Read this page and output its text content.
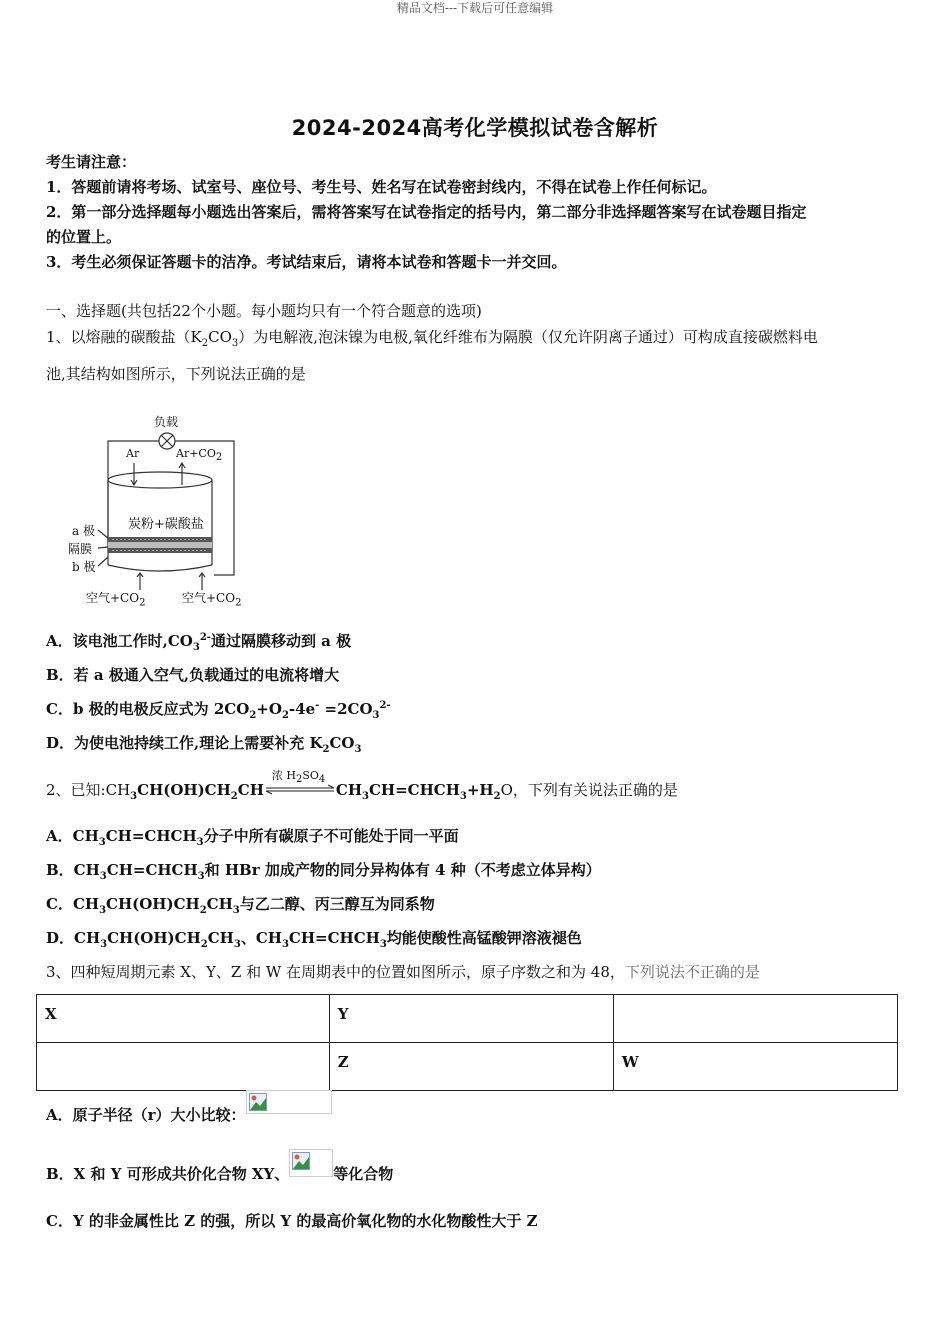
精品文档---下载后可任意编辑
2024-2024高考化学模拟试卷含解析
考生请注意：
1．答题前请将考场、试室号、座位号、考生号、姓名写在试卷密封线内，不得在试卷上作任何标记。
2．第一部分选择题每小题选出答案后，需将答案写在试卷指定的括号内，第二部分非选择题答案写在试卷题目指定
的位置上。
3．考生必须保证答题卡的洁净。考试结束后，请将本试卷和答题卡一并交回。
一、选择题(共包括22个小题。每小题均只有一个符合题意的选项)
1、以熔融的碳酸盐$(K_2CO_3)$为电解液,泡沫镍为电极,氧化纤维布为隔膜（仅允许阴离子通过）可构成直接碳燃料电
池,其结构如图所示，下列说法正确的是
负载
Ar	$Ar+CO_2$
炭粉+碳酸盐
a 极
隔膜
b 极
空气$+CO_2$	空气$+CO_2$
A．该电池工作时$,CO_3^{2-}$通过隔膜移动到 a 极
B．若 a 极通入空气,负载通过的电流将增大
C．b 极的电极反应式为 $2CO_2+O_2-4e^- =2CO_3^{2-}$
D．为使电池持续工作,理论上需要补充 $K_2CO_3$
2、已知$:CH_3CH(OH)CH_2CH$
浓 $H_2SO_4$
$CH_3CH=CHCH_3+H_2O$，下列有关说法正确的是
A．$CH_3CH=CHCH_3$分子中所有碳原子不可能处于同一平面
B．$CH_3CH=CHCH_3$和 HBr 加成产物的同分异构体有 4 种（不考虑立体异构）
C．$CH_3CH(OH)CH_2CH_3$与乙二醇、丙三醇互为同系物
D．$CH_3CH(OH)CH_2CH_3$、$CH_3CH=CHCH_3$均能使酸性高锰酸钾溶液褪色
3、四种短周期元素 X、Y、Z 和 W 在周期表中的位置如图所示，原子序数之和为 48，下列说法不正确的是
X	Y	
	Z	W
A．原子半径（r）大小比较：
B．X 和 Y 可形成共价化合物 XY、	等化合物
C．Y 的非金属性比 Z 的强，所以 Y 的最高价氧化物的水化物酸性大于 Z
